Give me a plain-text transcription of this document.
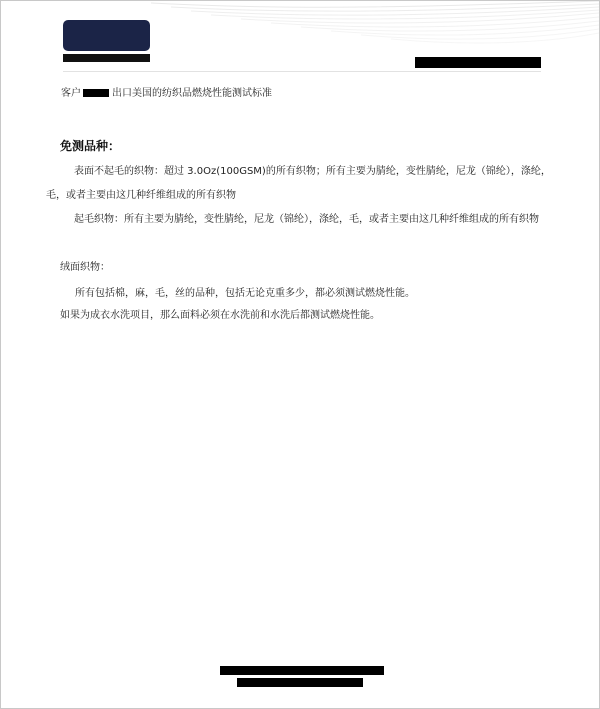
客户	出口美国的纺织品燃烧性能测试标准
免测品种：
表面不起毛的织物：超过 3.0Oz(100GSM)的所有织物；所有主要为腈纶，变性腈纶，尼龙（锦纶），涤纶，毛，或者主要由这几种纤维组成的所有织物
起毛织物：所有主要为腈纶，变性腈纶，尼龙（锦纶），涤纶，毛，或者主要由这几种纤维组成的所有织物
绒面织物：
所有包括棉，麻，毛，丝的品种，包括无论克重多少，都必须测试燃烧性能。
如果为成衣水洗项目，那么面料必须在水洗前和水洗后都测试燃烧性能。
